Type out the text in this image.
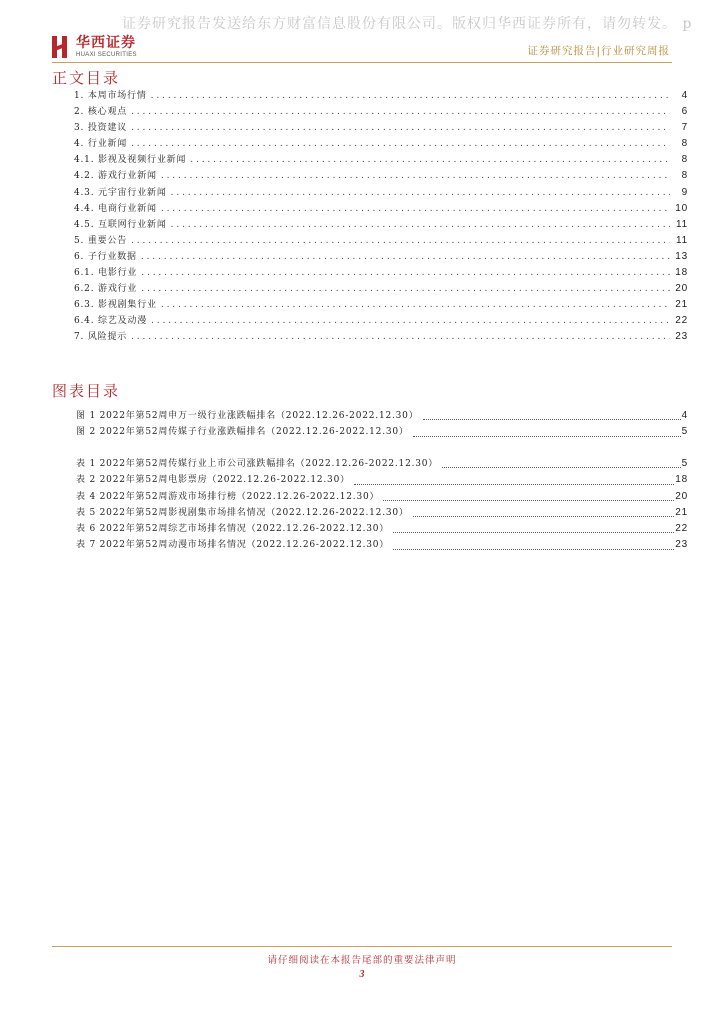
证券研究报告发送给东方财富信息股份有限公司。版权归华西证券所有，请勿转发。 p
华西证券
HUAXI SECURITIES	证券研究报告|行业研究周报
正文目录
1. 本周市场行情 . . .	4
2. 核心观点 . . .	6
3. 投资建议 . . .	7
4. 行业新闻 . . .	8
4.1. 影视及视频行业新闻 . . .	8
4.2. 游戏行业新闻 . . .	8
4.3. 元宇宙行业新闻 . . .	9
4.4. 电商行业新闻 . . .	10
4.5. 互联网行业新闻 . . .	11
5. 重要公告 . . .	11
6. 子行业数据 . . .	13
6.1. 电影行业 . . .	18
6.2. 游戏行业 . . .	20
6.3. 影视剧集行业 . . .	21
6.4. 综艺及动漫 . . .	22
7. 风险提示 . . .	23
图表目录
图 1 2022年第52周申万一级行业涨跌幅排名（2022.12.26-2022.12.30）	4
图 2 2022年第52周传媒子行业涨跌幅排名（2022.12.26-2022.12.30）	5
表 1 2022年第52周传媒行业上市公司涨跌幅排名（2022.12.26-2022.12.30）	5
表 2 2022年第52周电影票房（2022.12.26-2022.12.30）	18
表 4 2022年第52周游戏市场排行榜（2022.12.26-2022.12.30）	20
表 5 2022年第52周影视剧集市场排名情况（2022.12.26-2022.12.30）	21
表 6 2022年第52周综艺市场排名情况（2022.12.26-2022.12.30）	22
表 7 2022年第52周动漫市场排名情况（2022.12.26-2022.12.30）	23
请仔细阅读在本报告尾部的重要法律声明
3
